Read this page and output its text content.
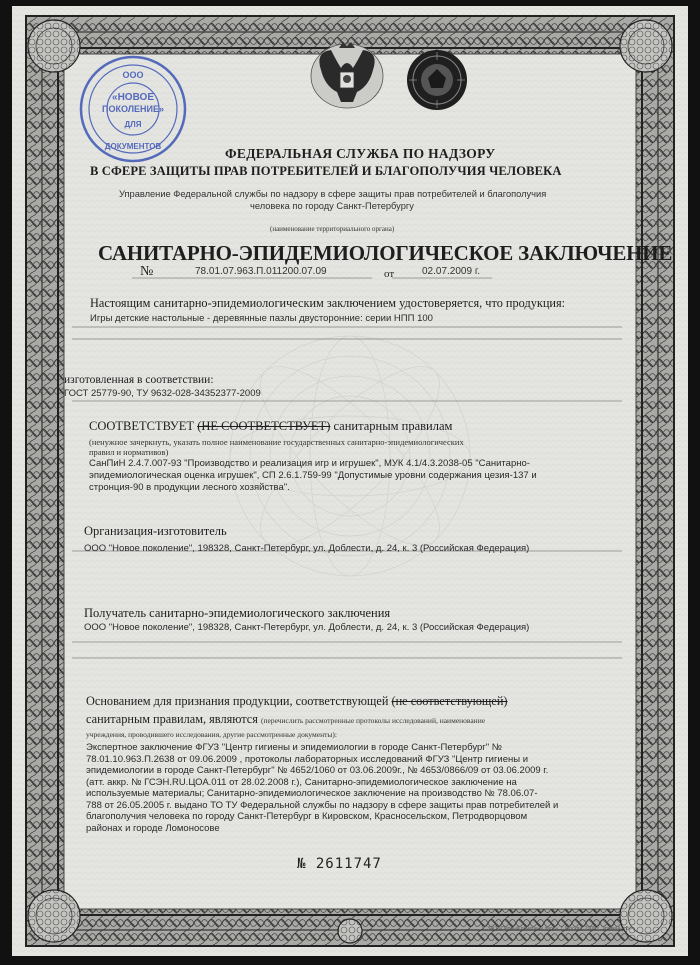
ООО
«НОВОЕ
ПОКОЛЕНИЕ»
ДЛЯ
ДОКУМЕНТОВ	ФЕДЕРАЛЬНАЯ СЛУЖБА ПО НАДЗОРУ
В СФЕРЕ ЗАЩИТЫ ПРАВ ПОТРЕБИТЕЛЕЙ И БЛАГОПОЛУЧИЯ ЧЕЛОВЕКА
Управление Федеральной службы по надзору в сфере защиты прав потребителей и благополучия
человека по городу Санкт-Петербургу
(наименование территориального органа)
САНИТАРНО-ЭПИДЕМИОЛОГИЧЕСКОЕ ЗАКЛЮЧЕНИЕ
№	78.01.07.963.П.011200.07.09	от	02.07.2009 г.
Настоящим санитарно-эпидемиологическим заключением удостоверяется, что продукция:
Игры детские настольные - деревянные пазлы двусторонние: серии НПП 100
изготовленная в соответствии:
ГОСТ 25779-90, ТУ 9632-028-34352377-2009
СООТВЕТСТВУЕТ (НЕ СООТВЕТСТВУЕТ) санитарным правилам
(ненужное зачеркнуть, указать полное наименование государственных санитарно-эпидемиологических
правил и нормативов)
СанПиН 2.4.7.007-93 "Производство и реализация игр и игрушек", МУК 4.1/4.3.2038-05 "Санитарно-
эпидемиологическая оценка игрушек", СП 2.6.1.759-99 "Допустимые уровни содержания цезия-137 и
стронция-90 в продукции лесного хозяйства".
Организация-изготовитель
ООО "Новое поколение", 198328, Санкт-Петербург, ул. Доблести, д. 24, к. 3 (Российская Федерация)
Получатель санитарно-эпидемиологического заключения
ООО "Новое поколение", 198328, Санкт-Петербург, ул. Доблести, д. 24, к. 3 (Российская Федерация)
Основанием для признания продукции, соответствующей (не соответствующей)
санитарным правилам, являются (перечислить рассмотренные протоколы исследований, наименование
учреждения, проводившего исследования, другие рассмотренные документы):
Экспертное заключение ФГУЗ "Центр гигиены и эпидемиологии в городе Санкт-Петербург" №
78.01.10.963.П.2638 от 09.06.2009 , протоколы лабораторных исследований ФГУЗ "Центр гигиены и
эпидемиологии в городе Санкт-Петербург" № 4652/1060 от 03.06.2009г., № 4653/0866/09 от 03.06.2009 г.
(атт. аккр. № ГСЭН.RU.ЦОА.011 от 28.02.2008 г.), Санитарно-эпидемиологическое заключение на
используемые материалы; Санитарно-эпидемиологическое заключение на производство № 78.06.07-
788 от 26.05.2005 г. выдано ТО ТУ Федеральной службы по надзору в сфере защиты прав потребителей и
благополучия человека по городу Санкт-Петербург в Кировском, Красносельском, Петродворцовом
районах и городе Ломоносове
№ 2611747
С ЗАО «Первый печатный двор», г. Москва, 2008 г., уровень «В»
